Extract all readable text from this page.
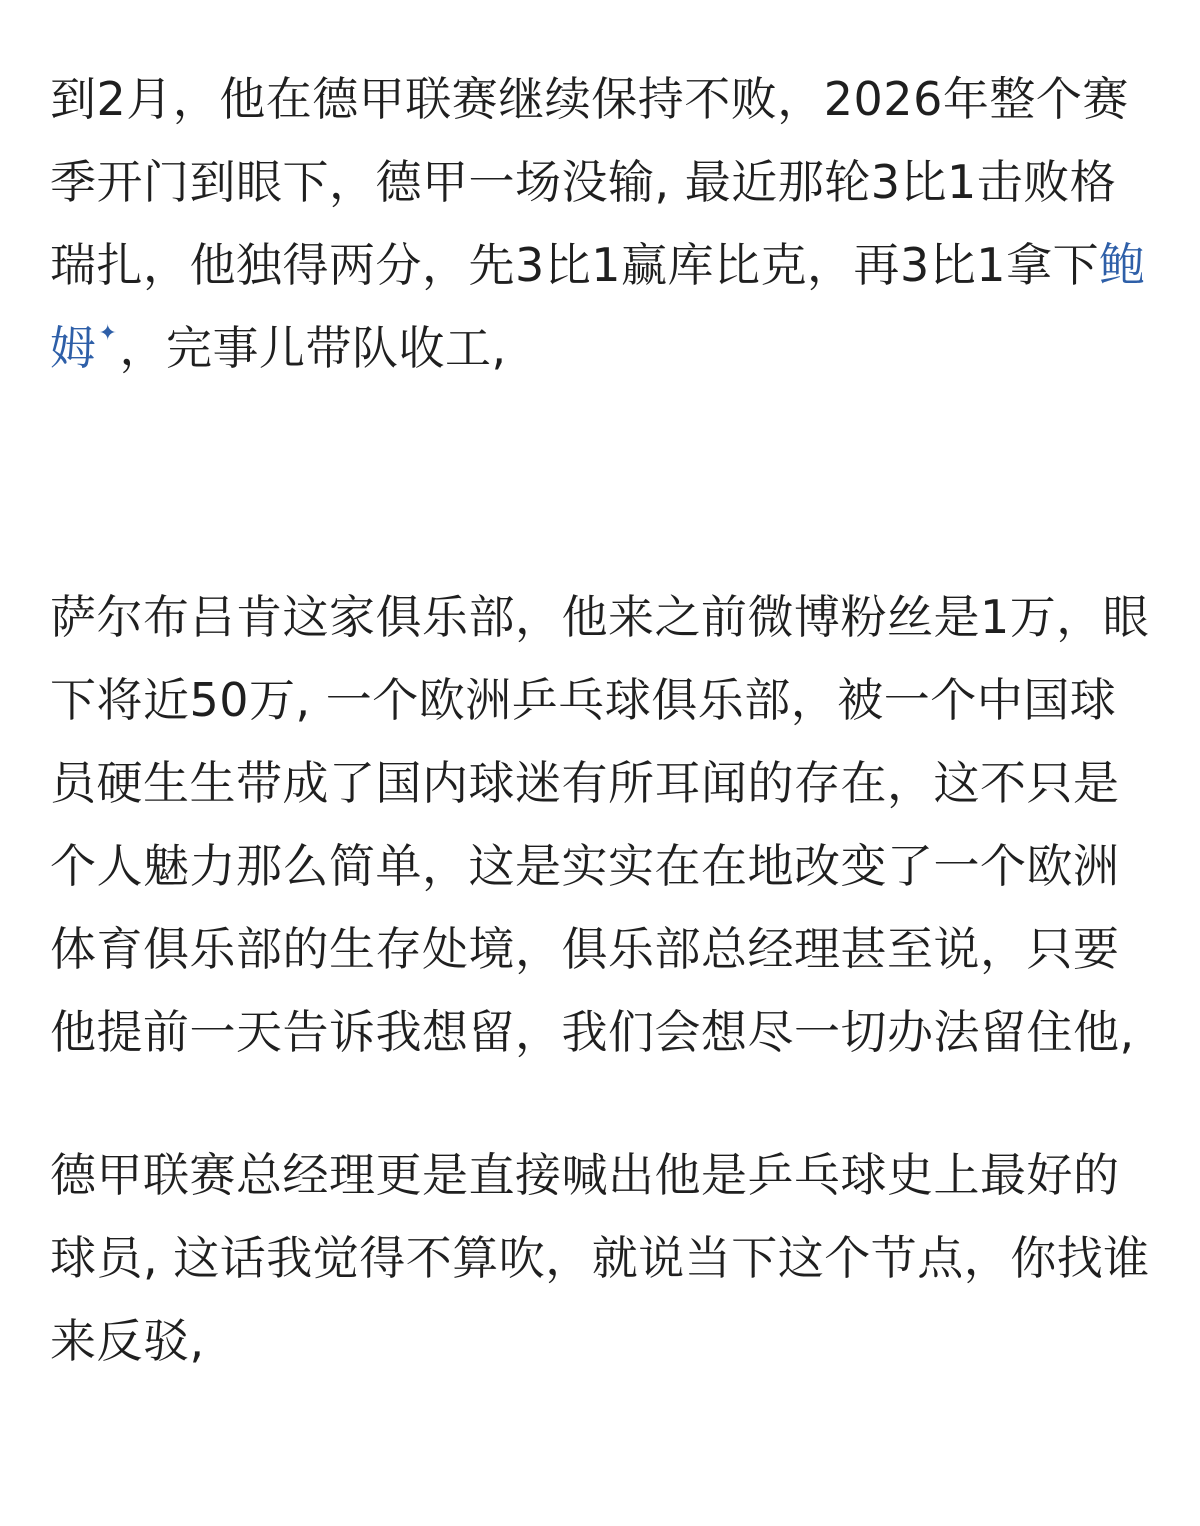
到2月，他在德甲联赛继续保持不败，2026年整个赛季开门到眼下，德甲一场没输, 最近那轮3比1击败格瑞扎，他独得两分，先3比1赢库比克，再3比1拿下鲍姆✦，完事儿带队收工,

萨尔布吕肯这家俱乐部，他来之前微博粉丝是1万，眼下将近50万, 一个欧洲乒乓球俱乐部，被一个中国球员硬生生带成了国内球迷有所耳闻的存在，这不只是个人魅力那么简单，这是实实在在地改变了一个欧洲体育俱乐部的生存处境，俱乐部总经理甚至说，只要他提前一天告诉我想留，我们会想尽一切办法留住他,

德甲联赛总经理更是直接喊出他是乒乓球史上最好的球员, 这话我觉得不算吹，就说当下这个节点，你找谁来反驳,
